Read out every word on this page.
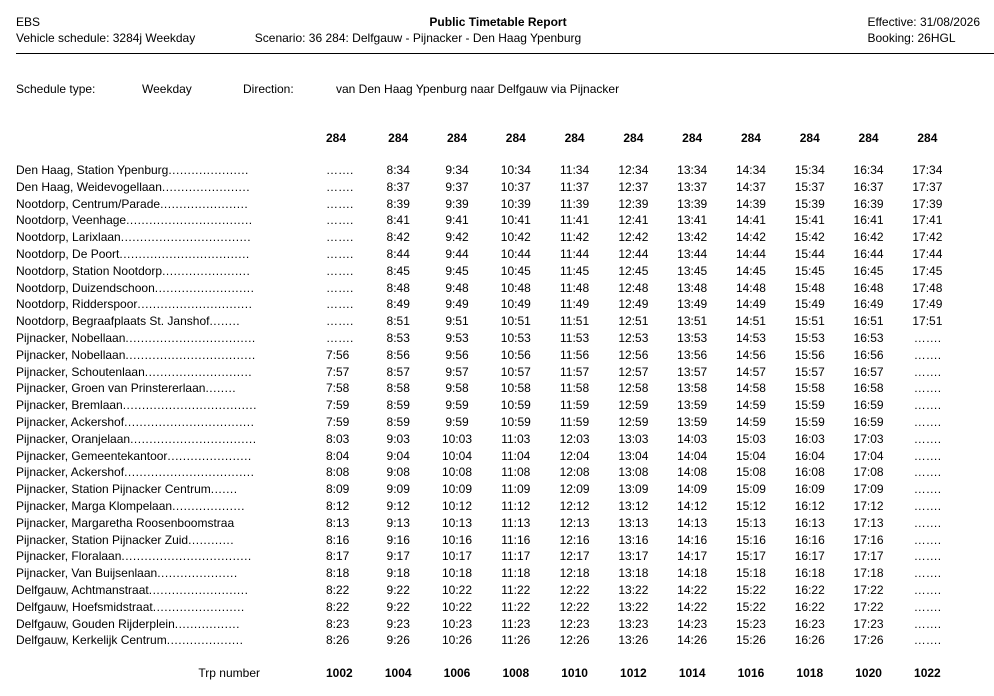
EBS
Vehicle schedule: 3284j Weekday
Public Timetable Report
Scenario: 36 284: Delfgauw - Pijnacker - Den Haag Ypenburg
Effective: 31/08/2026
Booking: 26HGL
Schedule type:	Weekday	Direction:	van Den Haag Ypenburg naar Delfgauw via Pijnacker
	284	284	284	284	284	284	284	284	284	284	284

Den Haag, Station Ypenburg.....................	…….	8:34	9:34	10:34	11:34	12:34	13:34	14:34	15:34	16:34	17:34
Den Haag, Weidevogellaan.......................	…….	8:37	9:37	10:37	11:37	12:37	13:37	14:37	15:37	16:37	17:37
Nootdorp, Centrum/Parade.......................	…….	8:39	9:39	10:39	11:39	12:39	13:39	14:39	15:39	16:39	17:39
Nootdorp, Veenhage.................................	…….	8:41	9:41	10:41	11:41	12:41	13:41	14:41	15:41	16:41	17:41
Nootdorp, Larixlaan..................................	…….	8:42	9:42	10:42	11:42	12:42	13:42	14:42	15:42	16:42	17:42
Nootdorp, De Poort..................................	…….	8:44	9:44	10:44	11:44	12:44	13:44	14:44	15:44	16:44	17:44
Nootdorp, Station Nootdorp.......................	…….	8:45	9:45	10:45	11:45	12:45	13:45	14:45	15:45	16:45	17:45
Nootdorp, Duizendschoon..........................	…….	8:48	9:48	10:48	11:48	12:48	13:48	14:48	15:48	16:48	17:48
Nootdorp, Ridderspoor..............................	…….	8:49	9:49	10:49	11:49	12:49	13:49	14:49	15:49	16:49	17:49
Nootdorp, Begraafplaats St. Janshof........	…….	8:51	9:51	10:51	11:51	12:51	13:51	14:51	15:51	16:51	17:51
Pijnacker, Nobellaan..................................	…….	8:53	9:53	10:53	11:53	12:53	13:53	14:53	15:53	16:53	…….
Pijnacker, Nobellaan..................................	7:56	8:56	9:56	10:56	11:56	12:56	13:56	14:56	15:56	16:56	…….
Pijnacker, Schoutenlaan............................	7:57	8:57	9:57	10:57	11:57	12:57	13:57	14:57	15:57	16:57	…….
Pijnacker, Groen van Prinstererlaan........	7:58	8:58	9:58	10:58	11:58	12:58	13:58	14:58	15:58	16:58	…….
Pijnacker, Bremlaan...................................	7:59	8:59	9:59	10:59	11:59	12:59	13:59	14:59	15:59	16:59	…….
Pijnacker, Ackershof..................................	7:59	8:59	9:59	10:59	11:59	12:59	13:59	14:59	15:59	16:59	…….
Pijnacker, Oranjelaan.................................	8:03	9:03	10:03	11:03	12:03	13:03	14:03	15:03	16:03	17:03	…….
Pijnacker, Gemeentekantoor......................	8:04	9:04	10:04	11:04	12:04	13:04	14:04	15:04	16:04	17:04	…….
Pijnacker, Ackershof..................................	8:08	9:08	10:08	11:08	12:08	13:08	14:08	15:08	16:08	17:08	…….
Pijnacker, Station Pijnacker Centrum.......	8:09	9:09	10:09	11:09	12:09	13:09	14:09	15:09	16:09	17:09	…….
Pijnacker, Marga Klompelaan...................	8:12	9:12	10:12	11:12	12:12	13:12	14:12	15:12	16:12	17:12	…….
Pijnacker, Margaretha Roosenboomstraa	8:13	9:13	10:13	11:13	12:13	13:13	14:13	15:13	16:13	17:13	…….
Pijnacker, Station Pijnacker Zuid............	8:16	9:16	10:16	11:16	12:16	13:16	14:16	15:16	16:16	17:16	…….
Pijnacker, Floralaan..................................	8:17	9:17	10:17	11:17	12:17	13:17	14:17	15:17	16:17	17:17	…….
Pijnacker, Van Buijsenlaan.....................	8:18	9:18	10:18	11:18	12:18	13:18	14:18	15:18	16:18	17:18	…….
Delfgauw, Achtmanstraat..........................	8:22	9:22	10:22	11:22	12:22	13:22	14:22	15:22	16:22	17:22	…….
Delfgauw, Hoefsmidstraat........................	8:22	9:22	10:22	11:22	12:22	13:22	14:22	15:22	16:22	17:22	…….
Delfgauw, Gouden Rijderplein.................	8:23	9:23	10:23	11:23	12:23	13:23	14:23	15:23	16:23	17:23	…….
Delfgauw, Kerkelijk Centrum....................	8:26	9:26	10:26	11:26	12:26	13:26	14:26	15:26	16:26	17:26	…….

Trp number	1002	1004	1006	1008	1010	1012	1014	1016	1018	1020	1022
